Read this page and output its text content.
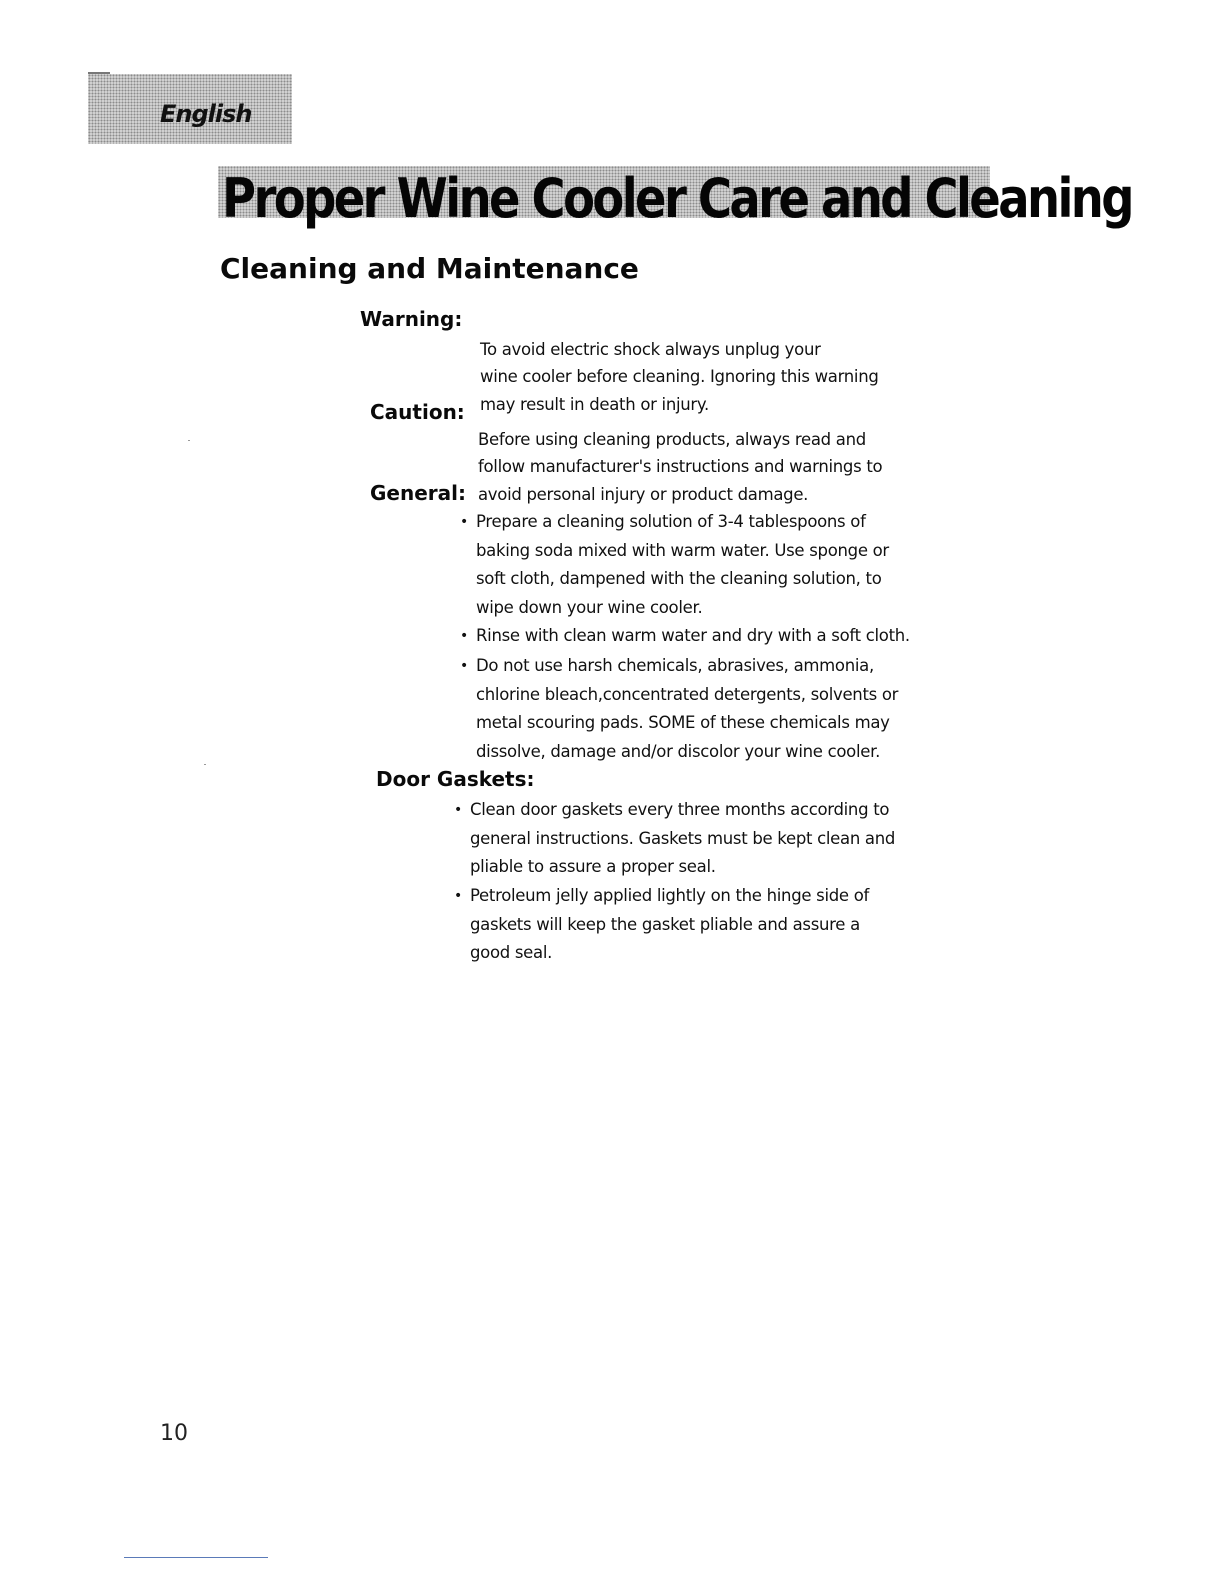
English
Proper Wine Cooler Care and Cleaning
Cleaning and Maintenance
Warning:

To avoid electric shock always unplug your
wine cooler before cleaning. Ignoring this warning
may result in death or injury.

Caution:

Before using cleaning products, always read and
follow manufacturer's instructions and warnings to
avoid personal injury or product damage.

General:
• Prepare a cleaning solution of 3-4 tablespoons of
baking soda mixed with warm water. Use sponge or
soft cloth, dampened with the cleaning solution, to
wipe down your wine cooler.
• Rinse with clean warm water and dry with a soft cloth.
• Do not use harsh chemicals, abrasives, ammonia,
chlorine bleach,concentrated detergents, solvents or
metal scouring pads. SOME of these chemicals may
dissolve, damage and/or discolor your wine cooler.
Door Gaskets:
• Clean door gaskets every three months according to
general instructions. Gaskets must be kept clean and
pliable to assure a proper seal.
• Petroleum jelly applied lightly on the hinge side of
gaskets will keep the gasket pliable and assure a
good seal.
10
